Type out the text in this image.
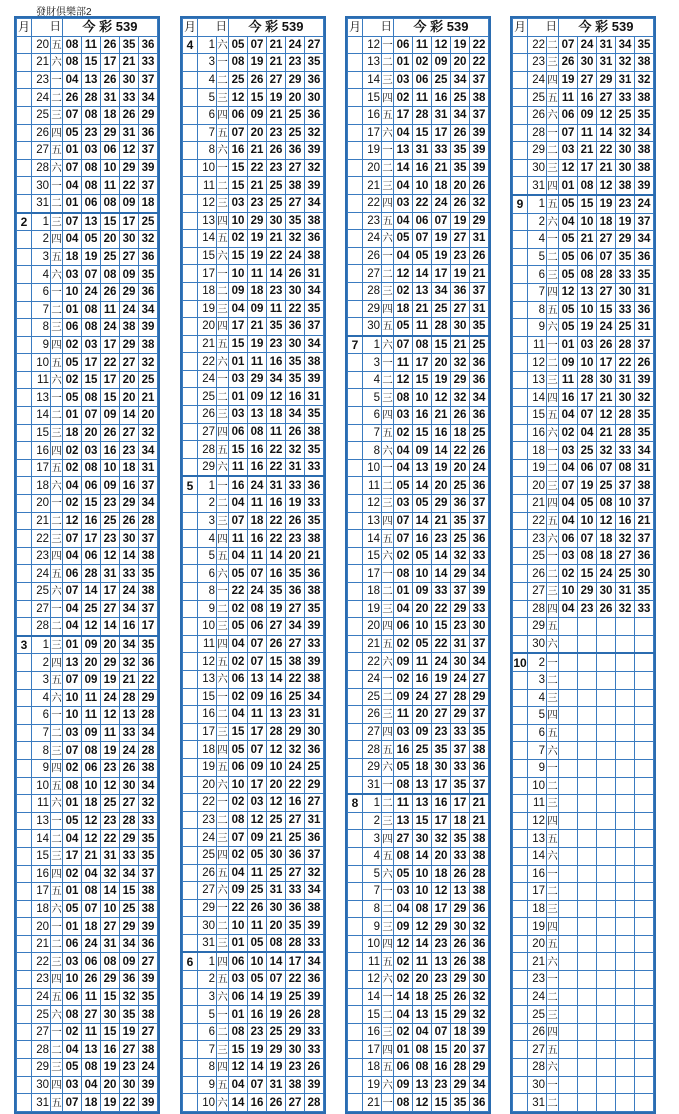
發財俱樂部2
月	日		今 彩 539				
	20	五	08	11	26	35	36
	21	六	08	15	17	21	33
	23	一	04	13	26	30	37
	24	二	26	28	31	33	34
	25	三	07	08	18	26	29
	26	四	05	23	29	31	36
	27	五	01	03	06	12	37
	28	六	07	08	10	29	39
	30	一	04	08	11	22	37
	31	二	01	06	08	09	18
2	1	三	07	13	15	17	25
	2	四	04	05	20	30	32
	3	五	18	19	25	27	36
	4	六	03	07	08	09	35
	6	一	10	24	26	29	36
	7	二	01	08	11	24	34
	8	三	06	08	24	38	39
	9	四	02	03	17	29	38
	10	五	05	17	22	27	32
	11	六	02	15	17	20	25
	13	一	05	08	15	20	21
	14	二	01	07	09	14	20
	15	三	18	20	26	27	32
	16	四	02	03	16	23	34
	17	五	02	08	10	18	31
	18	六	04	06	09	16	37
	20	一	02	15	23	29	34
	21	二	12	16	25	26	28
	22	三	07	17	23	30	37
	23	四	04	06	12	14	38
	24	五	06	28	31	33	35
	25	六	07	14	17	24	38
	27	一	04	25	27	34	37
	28	二	04	12	14	16	17
3	1	三	01	09	20	34	35
	2	四	13	20	29	32	36
	3	五	07	09	19	21	22
	4	六	10	11	24	28	29
	6	一	10	11	12	13	28
	7	二	03	09	11	33	34
	8	三	07	08	19	24	28
	9	四	02	06	23	26	38
	10	五	08	10	12	30	34
	11	六	01	18	25	27	32
	13	一	05	12	23	28	33
	14	二	04	12	22	29	35
	15	三	17	21	31	33	35
	16	四	02	04	32	34	37
	17	五	01	08	14	15	38
	18	六	05	07	10	25	38
	20	一	01	18	27	29	39
	21	二	06	24	31	34	36
	22	三	03	06	08	09	27
	23	四	10	26	29	36	39
	24	五	06	11	15	32	35
	25	六	08	27	30	35	38
	27	一	02	11	15	19	27
	28	二	04	13	16	27	38
	29	三	05	08	19	23	24
	30	四	03	04	20	30	39
	31	五	07	18	19	22	39
月	日		今 彩 539				
4	1	六	05	07	21	24	27
	3	一	08	19	21	23	35
	4	二	25	26	27	29	36
	5	三	12	15	19	20	30
	6	四	06	09	21	25	36
	7	五	07	20	23	25	32
	8	六	16	21	26	36	39
	10	一	15	22	23	27	32
	11	二	15	21	25	38	39
	12	三	03	23	25	27	34
	13	四	10	29	30	35	38
	14	五	02	19	21	32	36
	15	六	15	19	22	24	38
	17	一	10	11	14	26	31
	18	二	09	18	23	30	34
	19	三	04	09	11	22	35
	20	四	17	21	35	36	37
	21	五	15	19	23	30	34
	22	六	01	11	16	35	38
	24	一	03	29	34	35	39
	25	二	01	09	12	16	31
	26	三	03	13	18	34	35
	27	四	06	08	11	26	38
	28	五	15	16	22	32	35
	29	六	11	16	22	31	33
5	1	一	16	24	31	33	36
	2	二	04	11	16	19	33
	3	三	07	18	22	26	35
	4	四	11	16	22	23	38
	5	五	04	11	14	20	21
	6	六	05	07	16	35	36
	8	一	22	24	35	36	38
	9	二	02	08	19	27	35
	10	三	05	06	27	34	39
	11	四	04	07	26	27	33
	12	五	02	07	15	38	39
	13	六	06	13	14	22	38
	15	一	02	09	16	25	34
	16	二	04	11	13	23	31
	17	三	15	17	28	29	30
	18	四	05	07	12	32	36
	19	五	06	09	10	24	25
	20	六	10	17	20	22	29
	22	一	02	03	12	16	27
	23	二	08	12	25	27	31
	24	三	07	09	21	25	36
	25	四	02	05	30	36	37
	26	五	04	11	25	27	32
	27	六	09	25	31	33	34
	29	一	22	26	30	36	38
	30	二	10	11	20	35	39
	31	三	01	05	08	28	33
6	1	四	06	10	14	17	34
	2	五	03	05	07	22	36
	3	六	06	14	19	25	39
	5	一	01	16	19	26	28
	6	二	08	23	25	29	33
	7	三	15	19	29	30	33
	8	四	12	14	19	23	26
	9	五	04	07	31	38	39
	10	六	14	16	26	27	28
月	日		今 彩 539				
	12	一	06	11	12	19	22
	13	二	01	02	09	20	22
	14	三	03	06	25	34	37
	15	四	02	11	16	25	38
	16	五	17	28	31	34	37
	17	六	04	15	17	26	39
	19	一	13	31	33	35	39
	20	二	14	16	21	35	39
	21	三	04	10	18	20	26
	22	四	03	22	24	26	32
	23	五	04	06	07	19	29
	24	六	05	07	19	27	31
	26	一	04	05	19	23	26
	27	二	12	14	17	19	21
	28	三	02	13	34	36	37
	29	四	18	21	25	27	31
	30	五	05	11	28	30	35
7	1	六	07	08	15	21	25
	3	一	11	17	20	32	36
	4	二	12	15	19	29	36
	5	三	08	10	12	32	34
	6	四	03	16	21	26	36
	7	五	02	15	16	18	25
	8	六	04	09	14	22	26
	10	一	04	13	19	20	24
	11	二	05	14	20	25	36
	12	三	03	05	29	36	37
	13	四	07	14	21	35	37
	14	五	07	16	23	25	36
	15	六	02	05	14	32	33
	17	一	08	10	14	29	34
	18	二	01	09	33	37	39
	19	三	04	20	22	29	33
	20	四	06	10	15	23	30
	21	五	02	05	22	31	37
	22	六	09	11	24	30	34
	24	一	02	16	19	24	27
	25	二	09	24	27	28	29
	26	三	11	20	27	29	37
	27	四	03	09	23	33	35
	28	五	16	25	35	37	38
	29	六	05	18	30	33	36
	31	一	08	13	17	35	37
8	1	二	11	13	16	17	21
	2	三	13	15	17	18	21
	3	四	27	30	32	35	38
	4	五	08	14	20	33	38
	5	六	05	10	18	26	28
	7	一	03	10	12	13	38
	8	二	04	08	17	29	36
	9	三	09	12	29	30	32
	10	四	12	14	23	26	36
	11	五	02	11	13	26	38
	12	六	02	20	23	29	30
	14	一	14	18	25	26	32
	15	二	04	13	15	29	32
	16	三	02	04	07	18	39
	17	四	01	08	15	20	37
	18	五	06	08	16	28	29
	19	六	09	13	23	29	34
	21	一	08	12	15	35	36
月	日		今 彩 539				
	22	二	07	24	31	34	35
	23	三	26	30	31	32	38
	24	四	19	27	29	31	32
	25	五	11	16	27	33	38
	26	六	06	09	12	25	35
	28	一	07	11	14	32	34
	29	二	03	21	22	30	38
	30	三	12	17	21	30	38
	31	四	01	08	12	38	39
9	1	五	05	15	19	23	24
	2	六	04	10	18	19	37
	4	一	05	21	27	29	34
	5	二	05	06	07	35	36
	6	三	05	08	28	33	35
	7	四	12	13	27	30	31
	8	五	05	10	15	33	36
	9	六	05	19	24	25	31
	11	一	01	03	26	28	37
	12	二	09	10	17	22	26
	13	三	11	28	30	31	39
	14	四	16	17	21	30	32
	15	五	04	07	12	28	35
	16	六	02	04	21	28	35
	18	一	03	25	32	33	34
	19	二	04	06	07	08	31
	20	三	07	19	25	37	38
	21	四	04	05	08	10	37
	22	五	04	10	12	16	21
	23	六	06	07	18	32	37
	25	一	03	08	18	27	36
	26	二	02	15	24	25	30
	27	三	10	29	30	31	35
	28	四	04	23	26	32	33
	29	五					
	30	六					
10	2	一					
	3	二					
	4	三					
	5	四					
	6	五					
	7	六					
	9	一					
	10	二					
	11	三					
	12	四					
	13	五					
	14	六					
	16	一					
	17	二					
	18	三					
	19	四					
	20	五					
	21	六					
	23	一					
	24	二					
	25	三					
	26	四					
	27	五					
	28	六					
	30	一					
	31	二					
